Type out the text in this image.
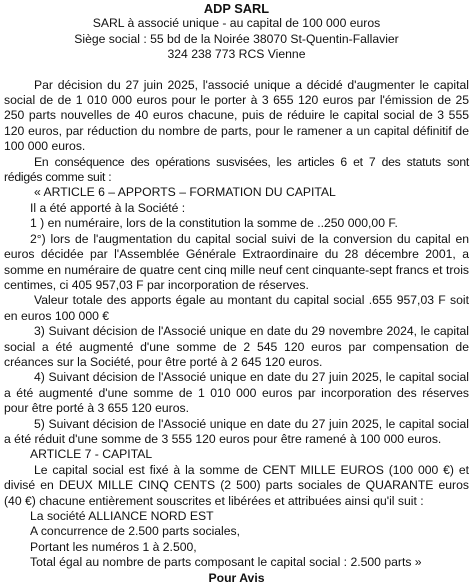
ADP SARL

SARL à associé unique - au capital de 100 000 euros

Siège social : 55 bd de la Noirée 38070 St-Quentin-Fallavier

324 238 773 RCS Vienne

Par décision du 27 juin 2025, l'associé unique a décidé d'augmenter le capital social de de 1 010 000 euros pour le porter à 3 655 120 euros par l'émission de 25 250 parts nouvelles de 40 euros chacune, puis de réduire le capital social de 3 555 120 euros, par réduction du nombre de parts, pour le ramener a un capital définitif de 100 000 euros.

En conséquence des opérations susvisées, les articles 6 et 7 des statuts sont rédigés comme suit :

« ARTICLE 6 – APPORTS – FORMATION DU CAPITAL

Il a été apporté à la Société :

1 ) en numéraire, lors de la constitution la somme de ..250 000,00 F.

2°) lors de l'augmentation du capital social suivi de la conversion du capital en euros décidée par l'Assemblée Générale Extraordinaire du 28 décembre 2001, a somme en numéraire de quatre cent cinq mille neuf cent cinquante-sept francs et trois centimes, ci 405 957,03 F par incorporation de réserves.

Valeur totale des apports égale au montant du capital social .655 957,03 F soit en euros 100 000 €

3) Suivant décision de l'Associé unique en date du 29 novembre 2024, le capital social a été augmenté d'une somme de 2 545 120 euros par compensation de créances sur la Société, pour être porté à 2 645 120 euros.

4) Suivant décision de l'Associé unique en date du 27 juin 2025, le capital social a été augmenté d'une somme de 1 010 000 euros par incorporation des réserves pour être porté à 3 655 120 euros.

5) Suivant décision de l'Associé unique en date du 27 juin 2025, le capital social a été réduit d'une somme de 3 555 120 euros pour être ramené à 100 000 euros.

ARTICLE 7 - CAPITAL

Le capital social est fixé à la somme de CENT MILLE EUROS (100 000 €) et divisé en DEUX MILLE CINQ CENTS (2 500) parts sociales de QUARANTE euros (40 €) chacune entièrement souscrites et libérées et attribuées ainsi qu'il suit :

La société ALLIANCE NORD EST

A concurrence de 2.500 parts sociales,

Portant les numéros 1 à 2.500,

Total égal au nombre de parts composant le capital social : 2.500 parts »

Pour Avis
